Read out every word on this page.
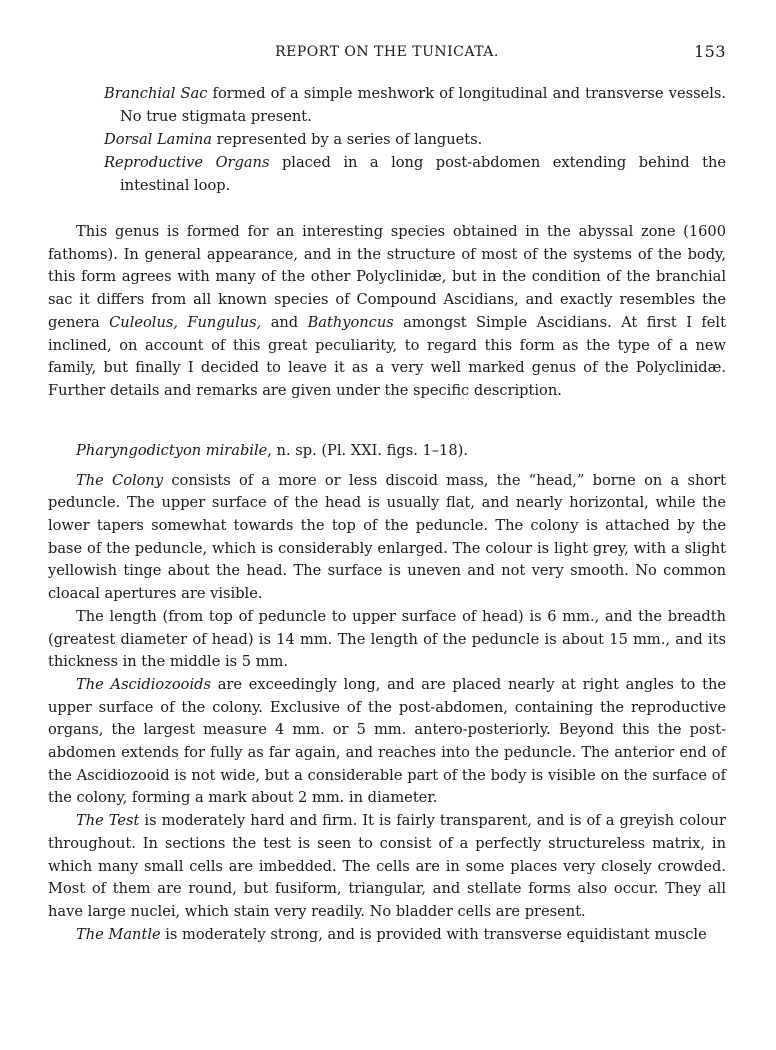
REPORT ON THE TUNICATA.	153

Branchial Sac formed of a simple meshwork of longitudinal and transverse vessels. No true stigmata present.

Dorsal Lamina represented by a series of languets.

Reproductive Organs placed in a long post-abdomen extending behind the intestinal loop.

This genus is formed for an interesting species obtained in the abyssal zone (1600 fathoms). In general appearance, and in the structure of most of the systems of the body, this form agrees with many of the other Polyclinidæ, but in the condition of the branchial sac it differs from all known species of Compound Ascidians, and exactly resembles the genera Culeolus, Fungulus, and Bathyoncus amongst Simple Ascidians. At first I felt inclined, on account of this great peculiarity, to regard this form as the type of a new family, but finally I decided to leave it as a very well marked genus of the Polyclinidæ. Further details and remarks are given under the specific description.

Pharyngodictyon mirabile, n. sp. (Pl. XXI. figs. 1–18).

The Colony consists of a more or less discoid mass, the “head,” borne on a short peduncle. The upper surface of the head is usually flat, and nearly horizontal, while the lower tapers somewhat towards the top of the peduncle. The colony is attached by the base of the peduncle, which is considerably enlarged. The colour is light grey, with a slight yellowish tinge about the head. The surface is uneven and not very smooth. No common cloacal apertures are visible.

The length (from top of peduncle to upper surface of head) is 6 mm., and the breadth (greatest diameter of head) is 14 mm. The length of the peduncle is about 15 mm., and its thickness in the middle is 5 mm.

The Ascidiozooids are exceedingly long, and are placed nearly at right angles to the upper surface of the colony. Exclusive of the post-abdomen, containing the reproductive organs, the largest measure 4 mm. or 5 mm. antero-posteriorly. Beyond this the post-abdomen extends for fully as far again, and reaches into the peduncle. The anterior end of the Ascidiozooid is not wide, but a considerable part of the body is visible on the surface of the colony, forming a mark about 2 mm. in diameter.

The Test is moderately hard and firm. It is fairly transparent, and is of a greyish colour throughout. In sections the test is seen to consist of a perfectly structureless matrix, in which many small cells are imbedded. The cells are in some places very closely crowded. Most of them are round, but fusiform, triangular, and stellate forms also occur. They all have large nuclei, which stain very readily. No bladder cells are present.

The Mantle is moderately strong, and is provided with transverse equidistant muscle
